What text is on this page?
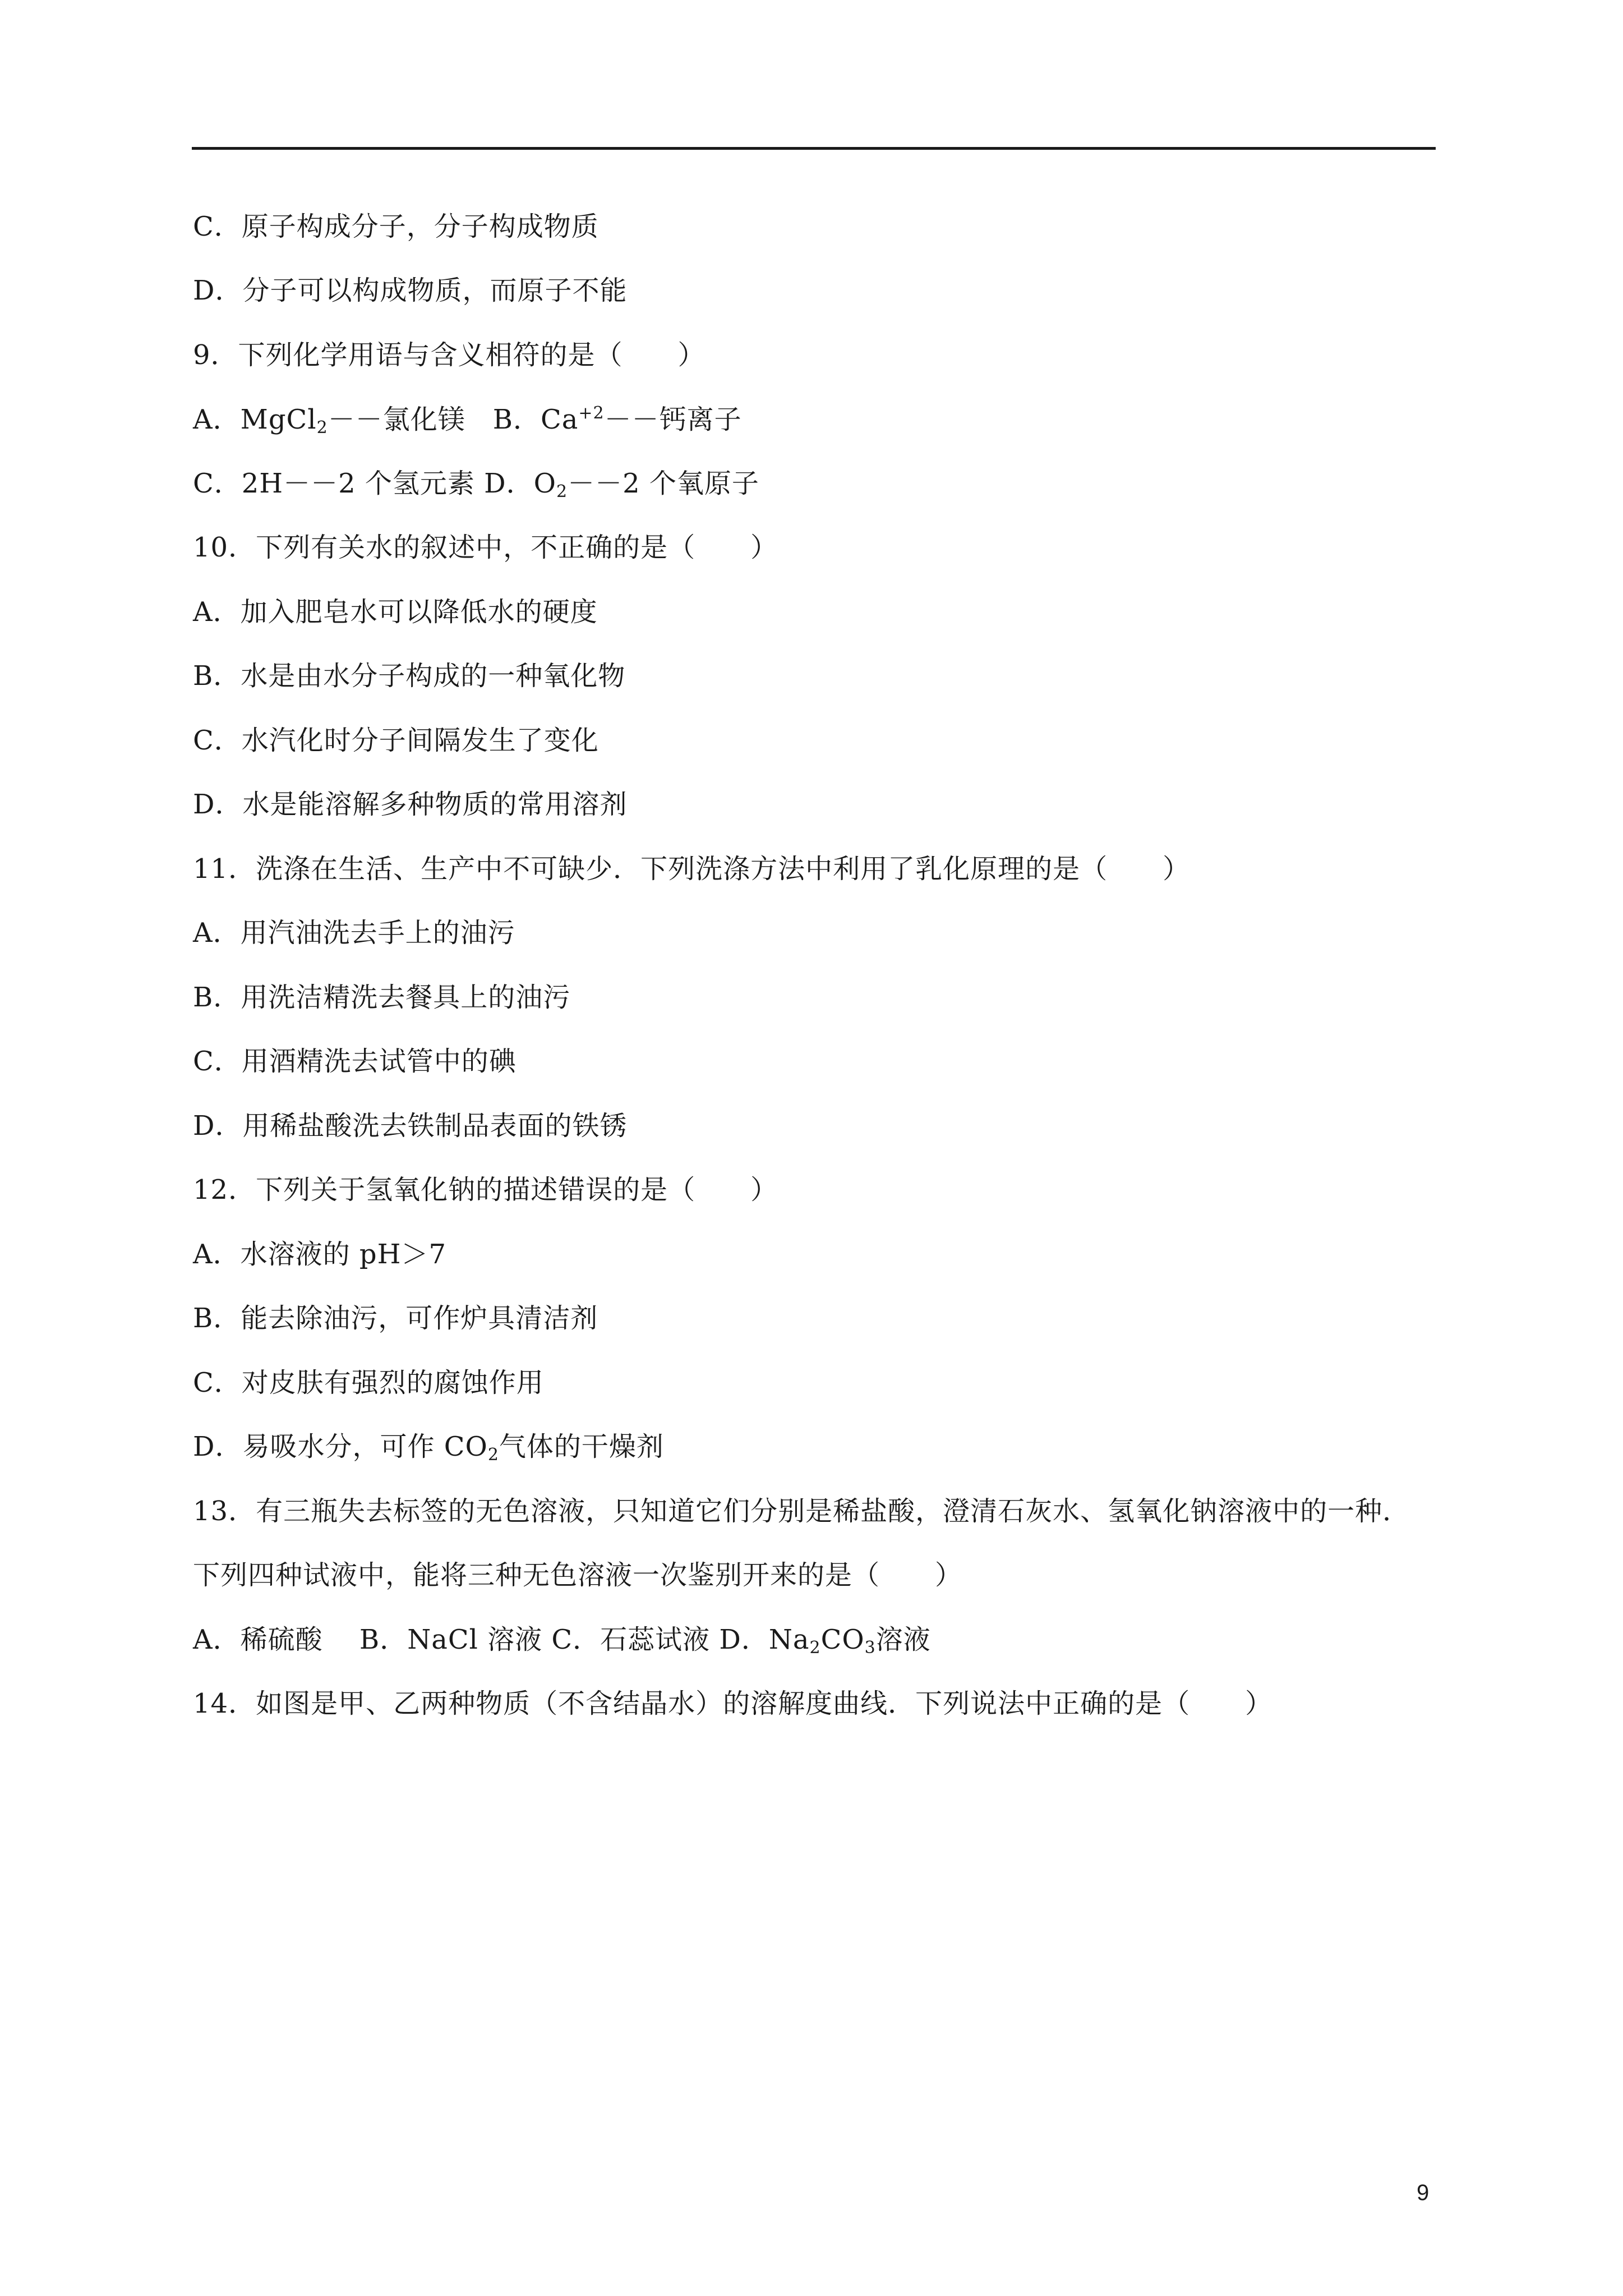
C．原子构成分子，分子构成物质
D．分子可以构成物质，而原子不能
9．下列化学用语与含义相符的是（　　）
A．MgCl$_2$－－氯化镁　B．$Ca^{+2}--$钙离子
C．2H－－2 个氢元素 D．$O_2--2$ 个氧原子
10．下列有关水的叙述中，不正确的是（　　）
A．加入肥皂水可以降低水的硬度
B．水是由水分子构成的一种氧化物
C．水汽化时分子间隔发生了变化
D．水是能溶解多种物质的常用溶剂
11．洗涤在生活、生产中不可缺少．下列洗涤方法中利用了乳化原理的是（　　）
A．用汽油洗去手上的油污
B．用洗洁精洗去餐具上的油污
C．用酒精洗去试管中的碘
D．用稀盐酸洗去铁制品表面的铁锈
12．下列关于氢氧化钠的描述错误的是（　　）
A．水溶液的 pH＞7
B．能去除油污，可作炉具清洁剂
C．对皮肤有强烈的腐蚀作用
D．易吸水分，可作 $CO_2$气体的干燥剂
13．有三瓶失去标签的无色溶液，只知道它们分别是稀盐酸，澄清石灰水、氢氧化钠溶液中的一种．
下列四种试液中，能将三种无色溶液一次鉴别开来的是（　　）
A．稀硫酸　 B．NaCl 溶液 C．石蕊试液 D．$Na_2CO_3$溶液
14．如图是甲、乙两种物质（不含结晶水）的溶解度曲线．下列说法中正确的是（　　）
9
